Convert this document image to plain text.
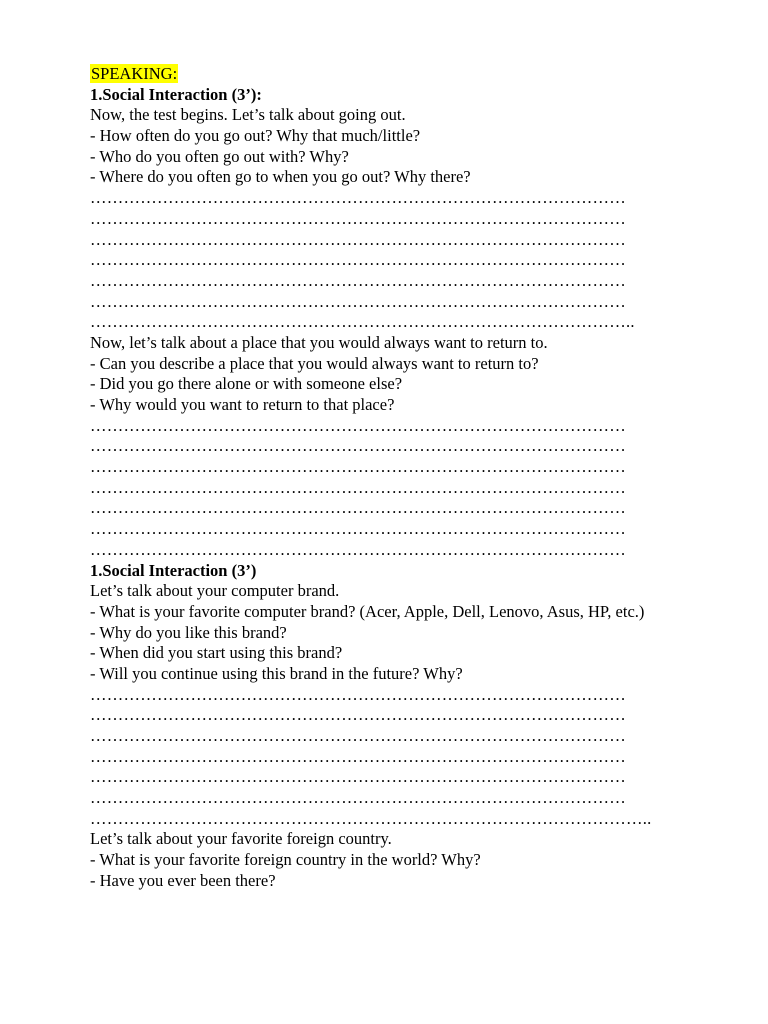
SPEAKING:
1.Social Interaction (3’):
Now, the test begins. Let’s talk about going out.
- How often do you go out? Why that much/little?
- Who do you often go out with? Why?
- Where do you often go to when you go out? Why there?
……………………………………………………………………………………
……………………………………………………………………………………
……………………………………………………………………………………
……………………………………………………………………………………
……………………………………………………………………………………
……………………………………………………………………………………
……………………………………………………………………………………..
Now, let’s talk about a place that you would always want to return to.
- Can you describe a place that you would always want to return to?
- Did you go there alone or with someone else?
- Why would you want to return to that place?
……………………………………………………………………………………
……………………………………………………………………………………
……………………………………………………………………………………
……………………………………………………………………………………
……………………………………………………………………………………
……………………………………………………………………………………
……………………………………………………………………………………
1.Social Interaction (3’)
Let’s talk about your computer brand.
- What is your favorite computer brand? (Acer, Apple, Dell, Lenovo, Asus, HP, etc.)
- Why do you like this brand?
- When did you start using this brand?
- Will you continue using this brand in the future? Why?
……………………………………………………………………………………
……………………………………………………………………………………
……………………………………………………………………………………
……………………………………………………………………………………
……………………………………………………………………………………
……………………………………………………………………………………
………………………………………………………………………………………..
Let’s talk about your favorite foreign country.
- What is your favorite foreign country in the world? Why?
- Have you ever been there?
